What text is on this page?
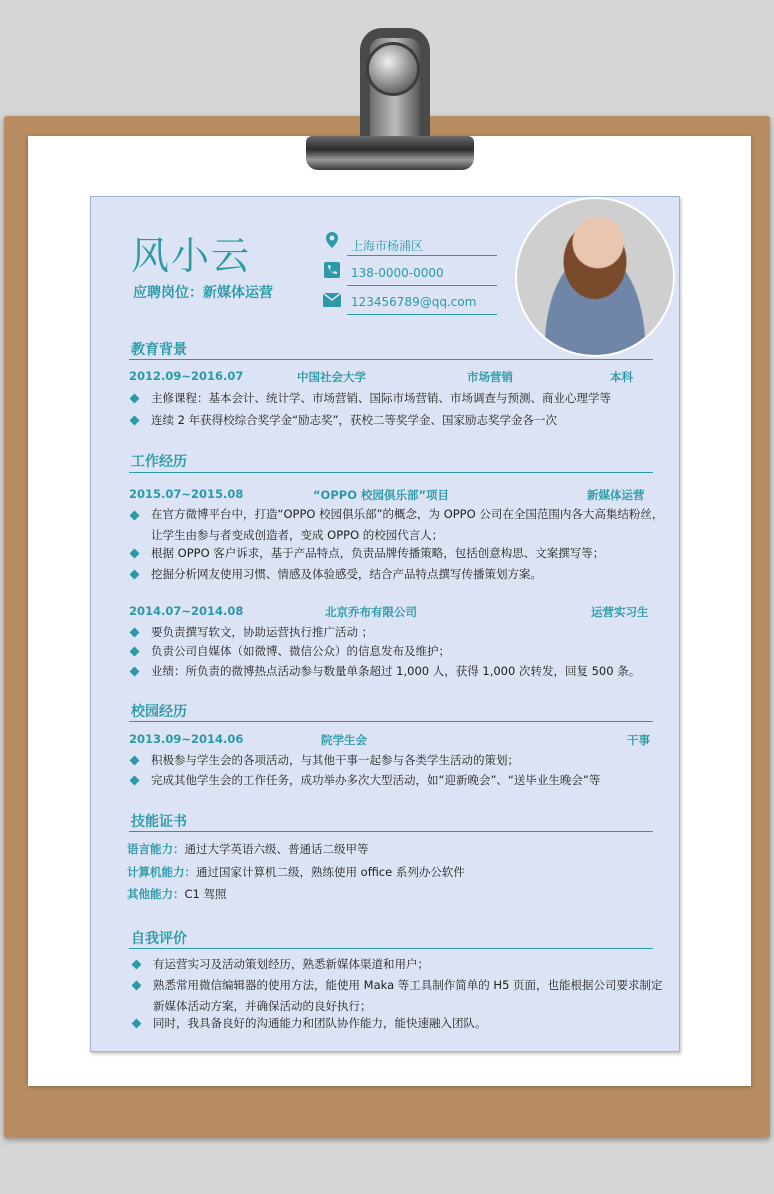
风小云
应聘岗位：新媒体运营
上海市杨浦区
138-0000-0000
123456789@qq.com
教育背景
2012.09~2016.07	中国社会大学	市场营销	本科
主修课程：基本会计、统计学、市场营销、国际市场营销、市场调查与预测、商业心理学等
连续 2 年获得校综合奖学金“励志奖”，获校二等奖学金、国家励志奖学金各一次
工作经历
2015.07~2015.08	“OPPO 校园俱乐部”项目	新媒体运营
在官方微博平台中，打造“OPPO 校园俱乐部”的概念，为 OPPO 公司在全国范围内各大高集结粉丝，让学生由参与者变成创造者，变成 OPPO 的校园代言人；
根据 OPPO 客户诉求，基于产品特点，负责品牌传播策略，包括创意构思、文案撰写等；
挖掘分析网友使用习惯、情感及体验感受，结合产品特点撰写传播策划方案。
2014.07~2014.08	北京乔布有限公司	运营实习生
要负责撰写软文，协助运营执行推广活动 ；
负责公司自媒体（如微博、微信公众）的信息发布及维护；
业绩：所负责的微博热点活动参与数量单条超过 1,000 人，获得 1,000 次转发，回复 500 条。
校园经历
2013.09~2014.06	院学生会	干事
积极参与学生会的各项活动，与其他干事一起参与各类学生活动的策划；
完成其他学生会的工作任务，成功举办多次大型活动，如“迎新晚会”、“送毕业生晚会”等
技能证书
语言能力：通过大学英语六级、普通话二级甲等
计算机能力：通过国家计算机二级，熟练使用 office 系列办公软件
其他能力：C1 驾照
自我评价
有运营实习及活动策划经历，熟悉新媒体渠道和用户；
熟悉常用微信编辑器的使用方法，能使用 Maka 等工具制作简单的 H5 页面，也能根据公司要求制定新媒体活动方案，并确保活动的良好执行；
同时，我具备良好的沟通能力和团队协作能力，能快速融入团队。
